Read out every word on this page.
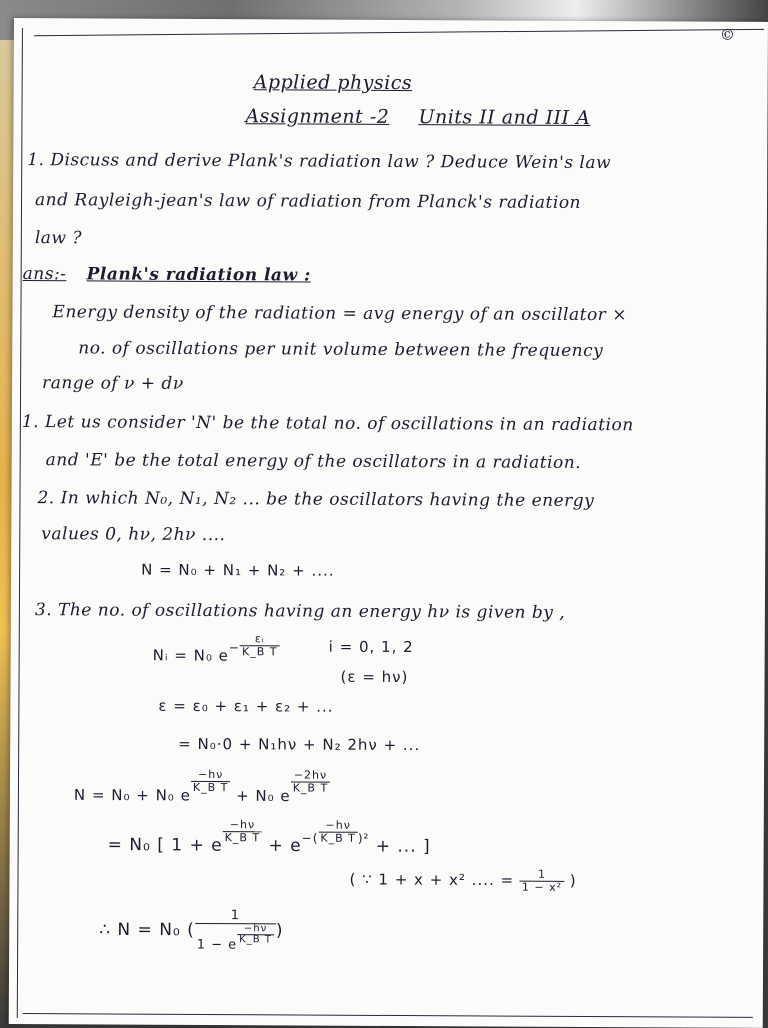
©
Applied physics
Assignment -2 Units II and III A
1. Discuss and derive Plank's radiation law ? Deduce Wein's law
and Rayleigh-jean's law of radiation from Planck's radiation
law ?
ans:- Plank's radiation law :
Energy density of the radiation = avg energy of an oscillator ×
no. of oscillations per unit volume between the frequency
range of ν + dν
1. Let us consider 'N' be the total no. of oscillations in an radiation
and 'E' be the total energy of the oscillators in a radiation.
2. In which N₀, N₁, N₂ ... be the oscillators having the energy
values 0, hν, 2hν ....
N = N₀ + N₁ + N₂ + ....
3. The no. of oscillations having an energy hν is given by ,
Nᵢ = N₀ $e^- \frac{\text{εᵢ}}{\text{K\_B T}}$	i = 0, 1, 2
(ε = hν)
ε = ε₀ + ε₁ + ε₂ + ...
= N₀·0 + N₁hν + N₂ 2hν + ...
N = N₀ + N₀ e
$\frac{-h\nu}{\text{K\_B T}}$
+ N₀ e
$\frac{-2h\nu}{\text{K\_B T}}$
= N₀ [ 1 + e
$\frac{-h\nu}{\text{K\_B T}}$
+ $e^{-(} \frac{-h\nu}{\text{K\_B T}} ^{)^2}$ + ... ]
( ∵ 1 + x + x² .... = $\frac{1}{\text{1 − x²}}$ )
∴ N = N₀ ( $\frac{1}{1 - e \frac{-h\nu}{\text{K\_B T}}}$ )
